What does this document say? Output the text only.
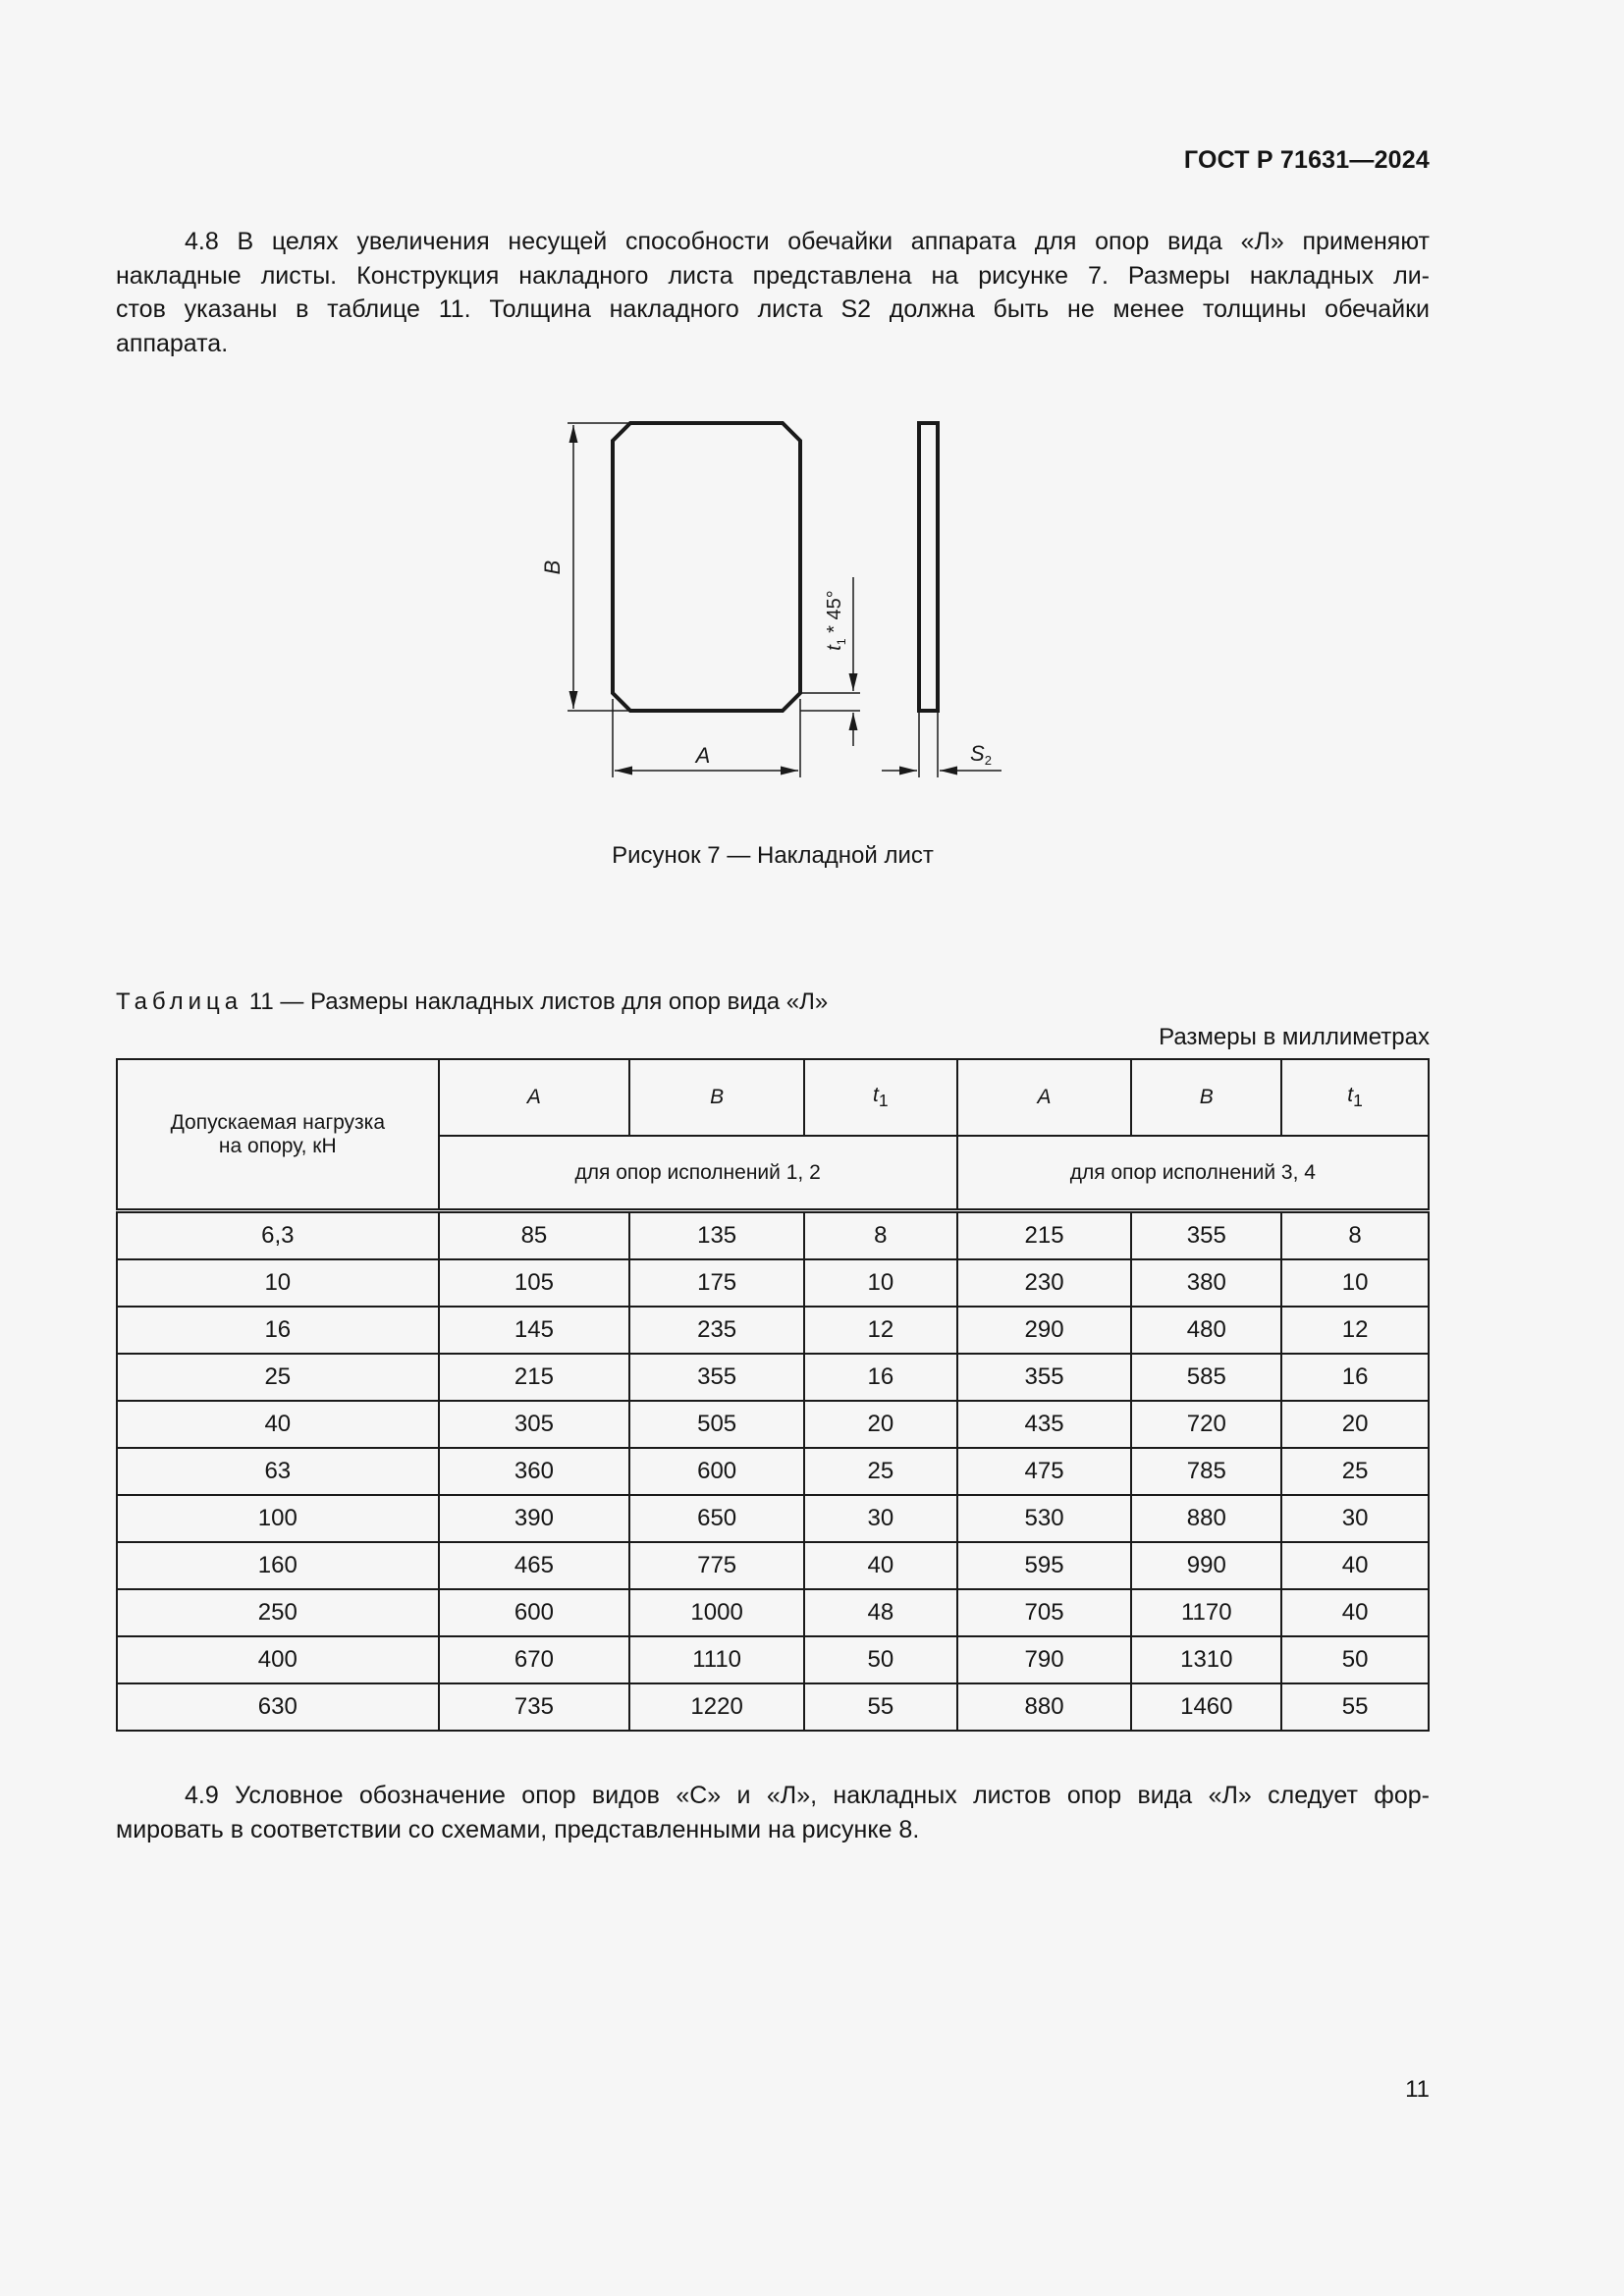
ГОСТ Р 71631—2024
4.8 В целях увеличения несущей способности обечайки аппарата для опор вида «Л» применяют
накладные листы. Конструкция накладного листа представлена на рисунке 7. Размеры накладных ли-
стов указаны в таблице 11. Толщина накладного листа S2 должна быть не менее толщины обечайки
аппарата.
B
A
$t_1 * 45^\circ$
S2
Рисунок 7 — Накладной лист
Таблица 11 — Размеры накладных листов для опор вида «Л»
Размеры в миллиметрах
Допускаемая нагрузка
на опору, кН	A	B	$t_1$	A	B	$t_1$
	для опор исполнений 1, 2			для опор исполнений 3, 4		
6,3	85	135	8	215	355	8
10	105	175	10	230	380	10
16	145	235	12	290	480	12
25	215	355	16	355	585	16
40	305	505	20	435	720	20
63	360	600	25	475	785	25
100	390	650	30	530	880	30
160	465	775	40	595	990	40
250	600	1000	48	705	1170	40
400	670	1110	50	790	1310	50
630	735	1220	55	880	1460	55
4.9 Условное обозначение опор видов «С» и «Л», накладных листов опор вида «Л» следует фор-
мировать в соответствии со схемами, представленными на рисунке 8.
11
